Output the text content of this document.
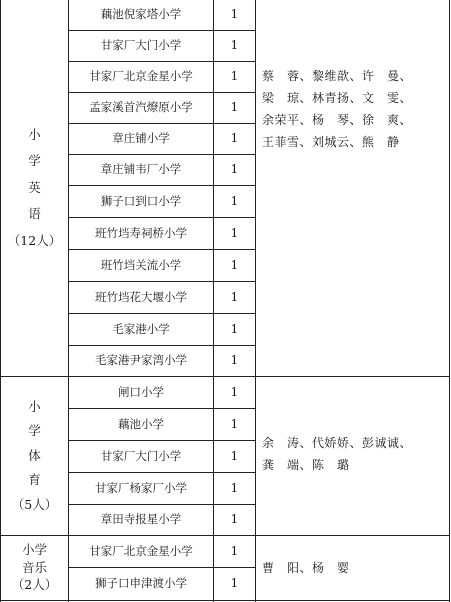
小
学
英
语
（12人）
藕池倪家塔小学	1
甘家厂大门小学	1
甘家厂北京金星小学	1
孟家溪首汽燎原小学	1
章庄铺小学	1
章庄铺韦厂小学	1
狮子口到口小学	1
班竹垱寿祠桥小学	1
班竹垱关流小学	1
班竹垱花大堰小学	1
毛家港小学	1
毛家港尹家湾小学	1
蔡　蓉、黎维歆、许　曼、
梁　琼、林青扬、文　雯、
余荣平、杨　琴、徐　爽、
王菲雪、刘城云、熊　静
小
学
体
育
（5人）
闸口小学	1
藕池小学	1
甘家厂大门小学	1
甘家厂杨家厂小学	1
章田寺报星小学	1
余　涛、代娇娇、彭诚诚、
龚　端、陈　璐
小学
音乐
（2人）
甘家厂北京金星小学	1
狮子口申津渡小学	1
曹　阳、杨　婴
